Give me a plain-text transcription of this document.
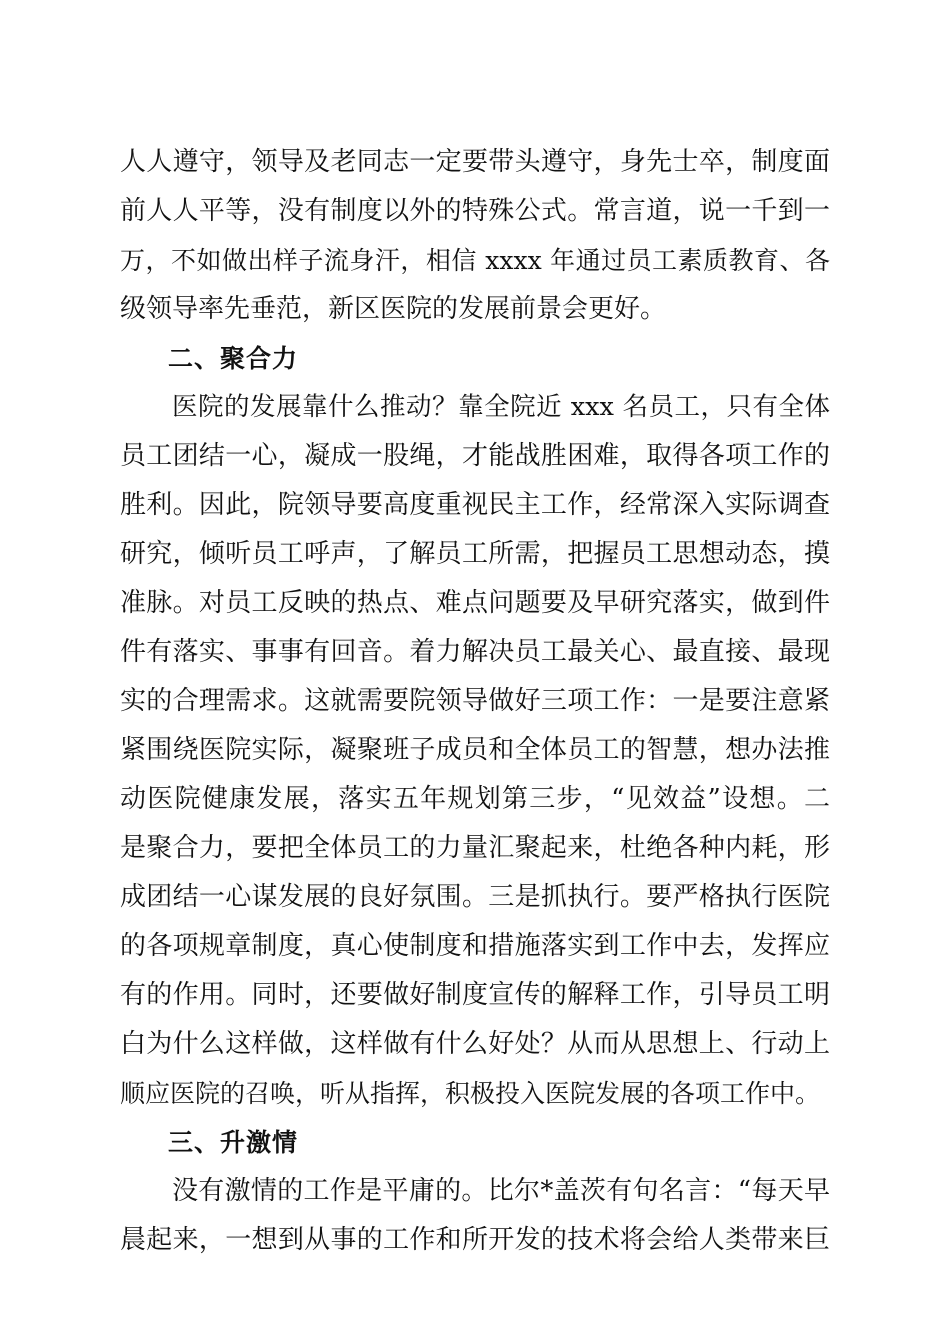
人人遵守，领导及老同志一定要带头遵守，身先士卒，制度面
前人人平等，没有制度以外的特殊公式。常言道，说一千到一
万，不如做出样子流身汗，相信 xxxx 年通过员工素质教育、各
级领导率先垂范，新区医院的发展前景会更好。
二、聚合力
医院的发展靠什么推动？靠全院近 xxx 名员工，只有全体
员工团结一心，凝成一股绳，才能战胜困难，取得各项工作的
胜利。因此，院领导要高度重视民主工作，经常深入实际调查
研究，倾听员工呼声，了解员工所需，把握员工思想动态，摸
准脉。对员工反映的热点、难点问题要及早研究落实，做到件
件有落实、事事有回音。着力解决员工最关心、最直接、最现
实的合理需求。这就需要院领导做好三项工作：一是要注意紧
紧围绕医院实际，凝聚班子成员和全体员工的智慧，想办法推
动医院健康发展，落实五年规划第三步，“见效益”设想。二
是聚合力，要把全体员工的力量汇聚起来，杜绝各种内耗，形
成团结一心谋发展的良好氛围。三是抓执行。要严格执行医院
的各项规章制度，真心使制度和措施落实到工作中去，发挥应
有的作用。同时，还要做好制度宣传的解释工作，引导员工明
白为什么这样做，这样做有什么好处？从而从思想上、行动上
顺应医院的召唤，听从指挥，积极投入医院发展的各项工作中。
三、升激情
没有激情的工作是平庸的。比尔*盖茨有句名言：“每天早
晨起来，一想到从事的工作和所开发的技术将会给人类带来巨
